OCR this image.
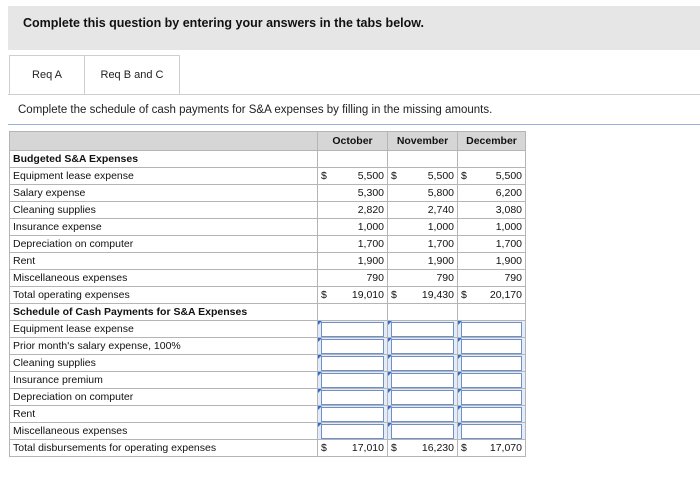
Complete this question by entering your answers in the tabs below.
Req A	Req B and C
Complete the schedule of cash payments for S&A expenses by filling in the missing amounts.
	October	November	December
Budgeted S&A Expenses			
Equipment lease expense	$ 5,500	$ 5,500	$ 5,500
Salary expense	5,300	5,800	6,200
Cleaning supplies	2,820	2,740	3,080
Insurance expense	1,000	1,000	1,000
Depreciation on computer	1,700	1,700	1,700
Rent	1,900	1,900	1,900
Miscellaneous expenses	790	790	790
Total operating expenses	$ 19,010	$ 19,430	$ 20,170
Schedule of Cash Payments for S&A Expenses			
Equipment lease expense	

Prior month's salary expense, 100%	

Cleaning supplies	

Insurance premium	

Depreciation on computer	

Rent	

Miscellaneous expenses	

Total disbursements for operating expenses	$ 17,010	$ 16,230	$ 17,070
